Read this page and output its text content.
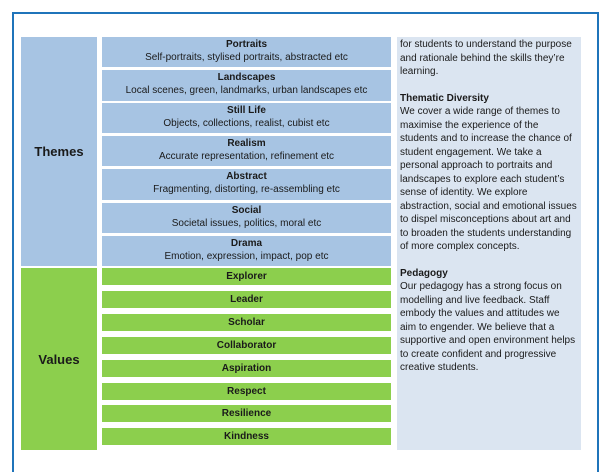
Themes
Portraits
Self-portraits, stylised portraits, abstracted etc
Landscapes
Local scenes, green, landmarks, urban landscapes etc
Still Life
Objects, collections, realist, cubist etc
Realism
Accurate representation, refinement etc
Abstract
Fragmenting, distorting, re-assembling etc
Social
Societal issues, politics, moral etc
Drama
Emotion, expression, impact, pop etc
Values
Explorer
Leader
Scholar
Collaborator
Aspiration
Respect
Resilience
Kindness

for students to understand the purpose and rationale behind the skills they’re learning.

Thematic Diversity

We cover a wide range of themes to maximise the experience of the students and to increase the chance of student engagement. We take a personal approach to portraits and landscapes to explore each student’s sense of identity. We explore abstraction, social and emotional issues to dispel misconceptions about art and to broaden the students understanding of more complex concepts.

Pedagogy

Our pedagogy has a strong focus on modelling and live feedback. Staff embody the values and attitudes we aim to engender. We believe that a supportive and open environment helps to create confident and progressive creative students.
